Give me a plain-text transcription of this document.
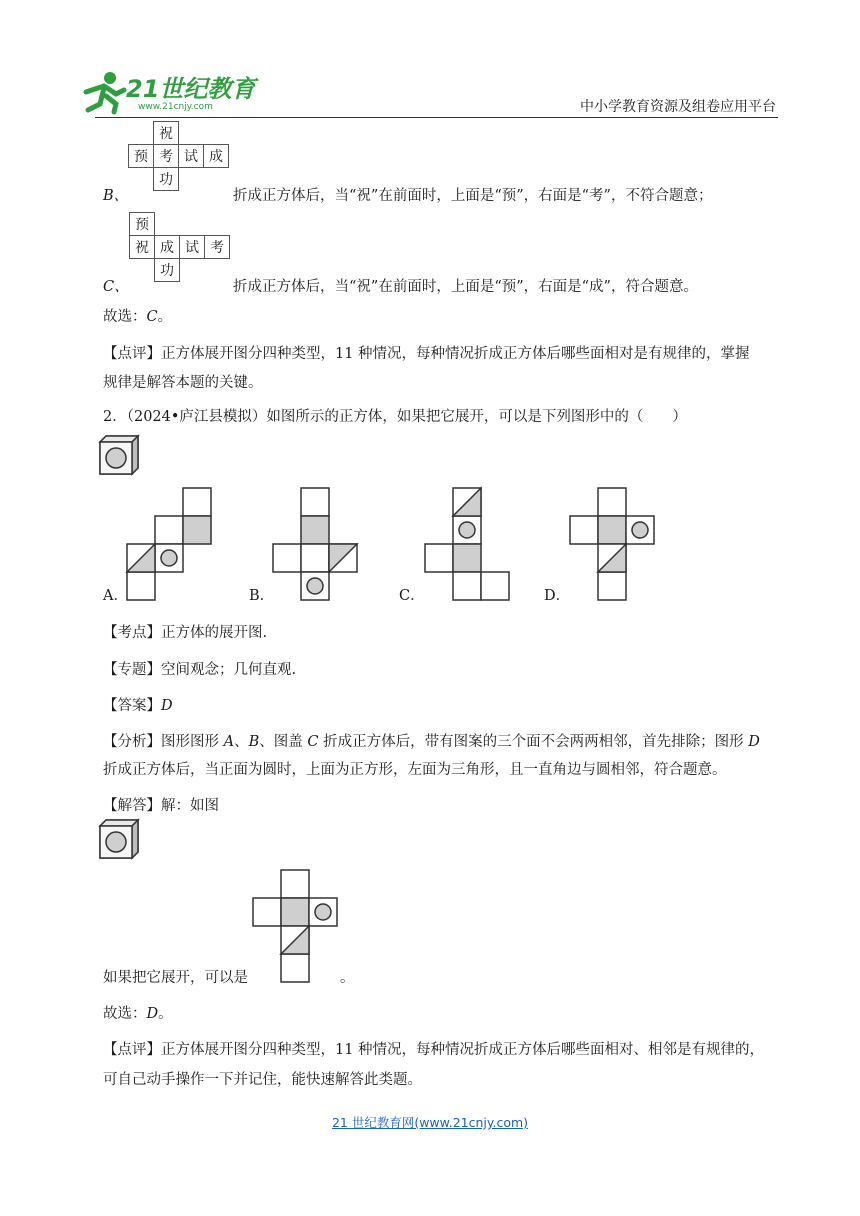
21世纪教育
www.21cnjy.com	中小学教育资源及组卷应用平台
	祝		
预	考	试	成
	功		
B、	折成正方体后，当“祝”在前面时，上面是“预”，右面是“考”，不符合题意；
预			
祝	成	试	考
	功		
C、	折成正方体后，当“祝”在前面时，上面是“预”，右面是“成”，符合题意。
故选：C。
【点评】正方体展开图分四种类型，11 种情况，每种情况折成正方体后哪些面相对是有规律的，掌握
规律是解答本题的关键。
2．（2024•庐江县模拟）如图所示的正方体，如果把它展开，可以是下列图形中的（　　）
A．	B．	C．	D．
【考点】正方体的展开图.
【专题】空间观念；几何直观.
【答案】D
【分析】图形图形 A、B、图盖 C 折成正方体后，带有图案的三个面不会两两相邻，首先排除；图形 D
折成正方体后，当正面为圆时，上面为正方形，左面为三角形，且一直角边与圆相邻，符合题意。
【解答】解：如图
如果把它展开，可以是	。
故选：D。
【点评】正方体展开图分四种类型，11 种情况，每种情况折成正方体后哪些面相对、相邻是有规律的，
可自己动手操作一下并记住，能快速解答此类题。
21 世纪教育网(www.21cnjy.com)
